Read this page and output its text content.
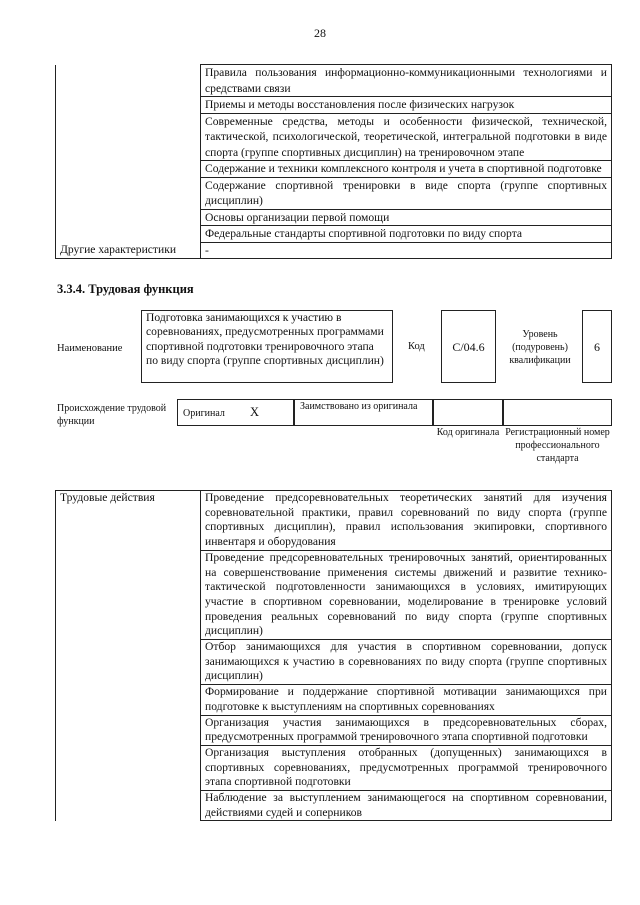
28
	Правила пользования информационно-коммуникационными технологиями и средствами связи
	Приемы и методы восстановления после физических нагрузок
	Современные средства, методы и особенности физической, технической, тактической, психологической, теоретической, интегральной подготовки в виде спорта (группе спортивных дисциплин) на тренировочном этапе
	Содержание и техники комплексного контроля и учета в спортивной подготовке
	Содержание спортивной тренировки в виде спорта (группе спортивных дисциплин)
	Основы организации первой помощи
	Федеральные стандарты спортивной подготовки по виду спорта
Другие характеристики	-
3.3.4. Трудовая функция
Наименование
Подготовка занимающихся к участию в соревнованиях, предусмотренных программами спортивной подготовки тренировочного этапа по виду спорта (группе спортивных дисциплин)
Код	C/04.6
Уровень (подуровень) квалификации
6
Происхождение трудовой функции
Оригинал X	Заимствовано из оригинала
Код оригинала Регистрационный номер профессионального стандарта
Трудовые действия	Проведение предсоревновательных теоретических занятий для изучения соревновательной практики, правил соревнований по виду спорта (группе спортивных дисциплин), правил использования экипировки, спортивного инвентаря и оборудования
Проведение предсоревновательных тренировочных занятий, ориентированных на совершенствование применения системы движений и развитие технико-тактической подготовленности занимающихся в условиях, имитирующих участие в спортивном соревновании, моделирование в тренировке условий проведения реальных соревнований по виду спорта (группе спортивных дисциплин)
Отбор занимающихся для участия в спортивном соревновании, допуск занимающихся к участию в соревнованиях по виду спорта (группе спортивных дисциплин)
Формирование и поддержание спортивной мотивации занимающихся при подготовке к выступлениям на спортивных соревнованиях
Организация участия занимающихся в предсоревновательных сборах, предусмотренных программой тренировочного этапа спортивной подготовки
Организация выступления отобранных (допущенных) занимающихся в спортивных соревнованиях, предусмотренных программой тренировочного этапа спортивной подготовки
Наблюдение за выступлением занимающегося на спортивном соревновании, действиями судей и соперников
